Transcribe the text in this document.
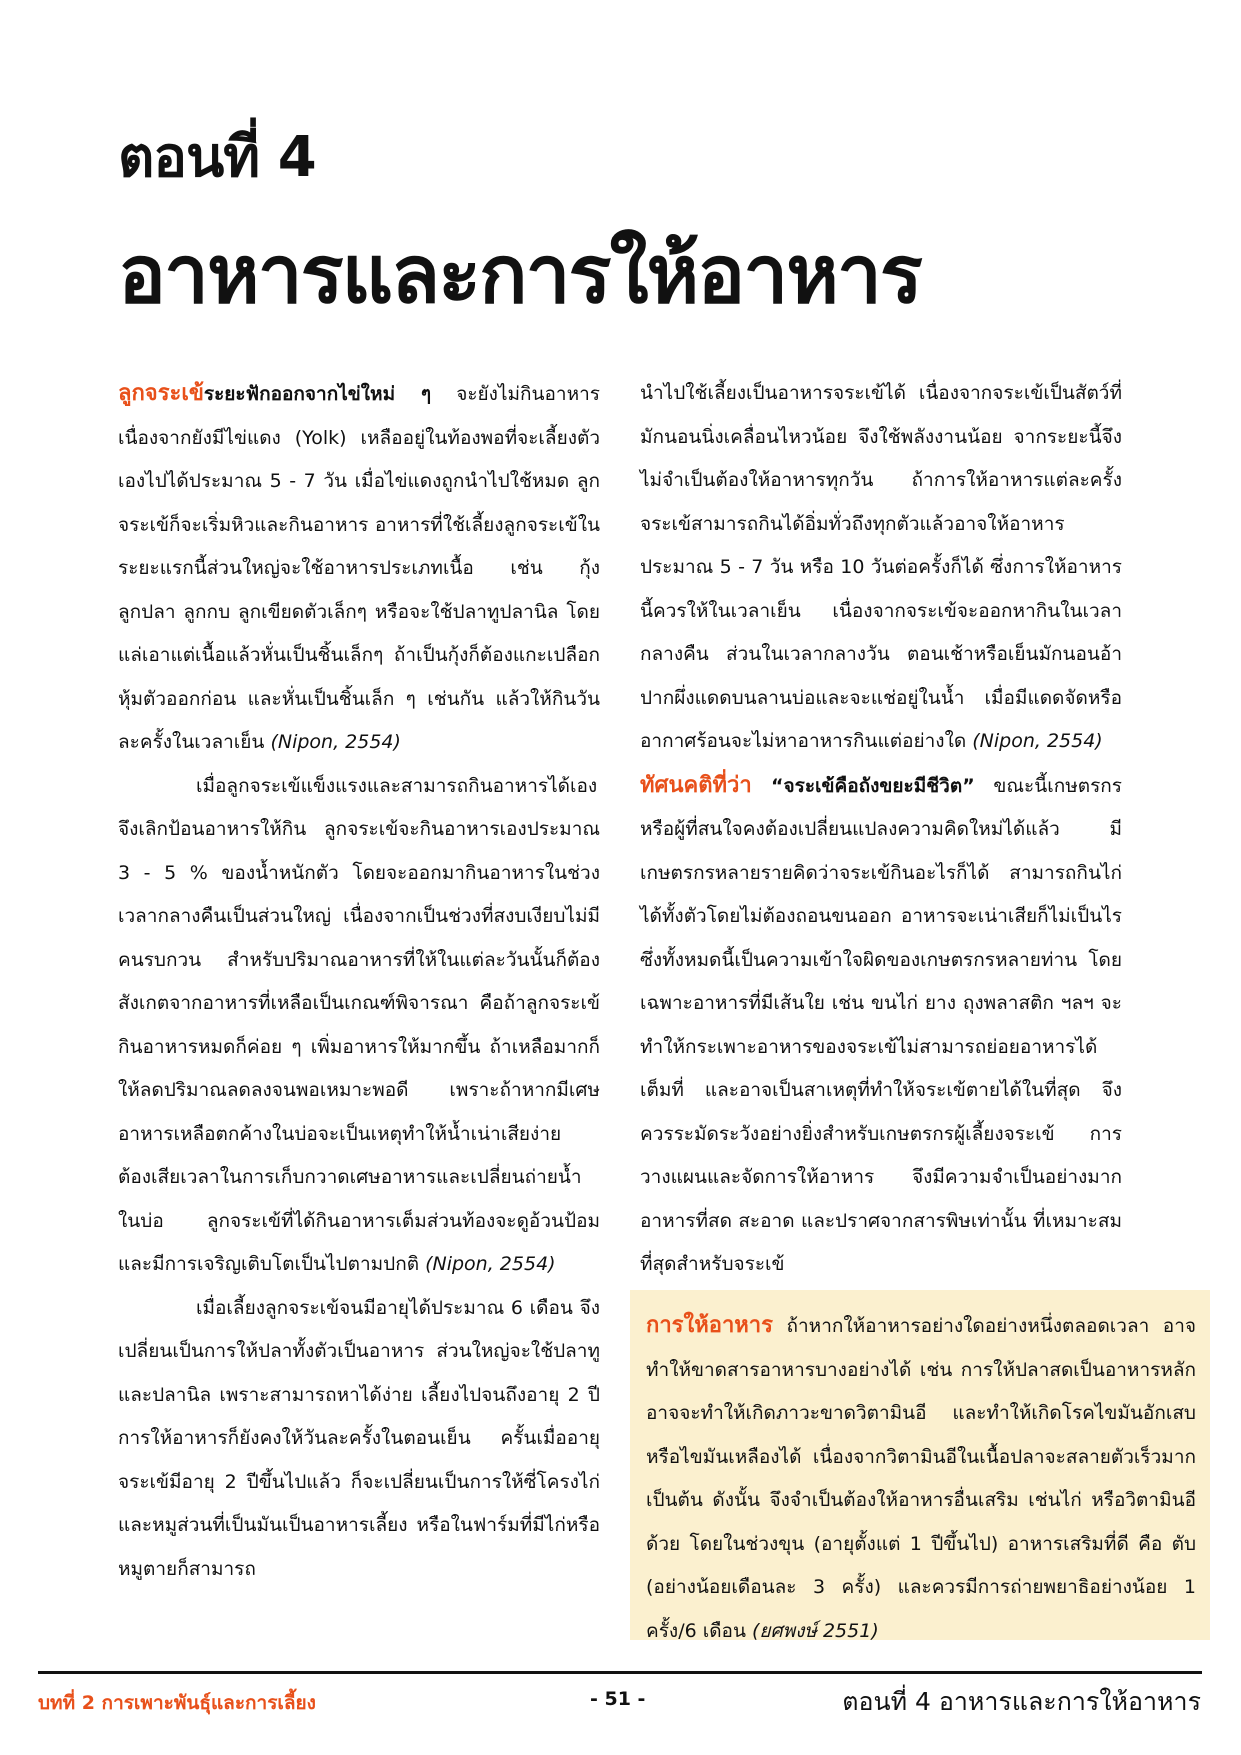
ตอนที่ 4
อาหารและการให้อาหาร

ลูกจระเข้ระยะฟักออกจากไข่ใหม่ ๆ จะยังไม่กินอาหาร เนื่องจากยังมีไข่แดง (Yolk) เหลืออยู่ในท้องพอที่จะเลี้ยงตัวเองไปได้ประมาณ 5 - 7 วัน เมื่อไข่แดงถูกนำไปใช้หมด ลูกจระเข้ก็จะเริ่มหิวและกินอาหาร อาหารที่ใช้เลี้ยงลูกจระเข้ในระยะแรกนี้ส่วนใหญ่จะใช้อาหารประเภทเนื้อ เช่น กุ้ง ลูกปลา ลูกกบ ลูกเขียดตัวเล็กๆ หรือจะใช้ปลาทูปลานิล โดยแล่เอาแต่เนื้อแล้วหั่นเป็นชิ้นเล็กๆ ถ้าเป็นกุ้งก็ต้องแกะเปลือกหุ้มตัวออกก่อน และหั่นเป็นชิ้นเล็ก ๆ เช่นกัน แล้วให้กินวันละครั้งในเวลาเย็น (Nipon, 2554)

เมื่อลูกจระเข้แข็งแรงและสามารถกินอาหารได้เอง จึงเลิกป้อนอาหารให้กิน ลูกจระเข้จะกินอาหารเองประมาณ 3 - 5 % ของน้ำหนักตัว โดยจะออกมากินอาหารในช่วงเวลากลางคืนเป็นส่วนใหญ่ เนื่องจากเป็นช่วงที่สงบเงียบไม่มีคนรบกวน สำหรับปริมาณอาหารที่ให้ในแต่ละวันนั้นก็ต้องสังเกตจากอาหารที่เหลือเป็นเกณฑ์พิจารณา คือถ้าลูกจระเข้กินอาหารหมดก็ค่อย ๆ เพิ่มอาหารให้มากขึ้น ถ้าเหลือมากก็ให้ลดปริมาณลดลงจนพอเหมาะพอดี เพราะถ้าหากมีเศษอาหารเหลือตกค้างในบ่อจะเป็นเหตุทำให้น้ำเน่าเสียง่าย ต้องเสียเวลาในการเก็บกวาดเศษอาหารและเปลี่ยนถ่ายน้ำในบ่อ ลูกจระเข้ที่ได้กินอาหารเต็มส่วนท้องจะดูอ้วนป้อม และมีการเจริญเติบโตเป็นไปตามปกติ (Nipon, 2554)

เมื่อเลี้ยงลูกจระเข้จนมีอายุได้ประมาณ 6 เดือน จึงเปลี่ยนเป็นการให้ปลาทั้งตัวเป็นอาหาร ส่วนใหญ่จะใช้ปลาทูและปลานิล เพราะสามารถหาได้ง่าย เลี้ยงไปจนถึงอายุ 2 ปี การให้อาหารก็ยังคงให้วันละครั้งในตอนเย็น ครั้นเมื่ออายุจระเข้มีอายุ 2 ปีขึ้นไปแล้ว ก็จะเปลี่ยนเป็นการให้ซี่โครงไก่และหมูส่วนที่เป็นมันเป็นอาหารเลี้ยง หรือในฟาร์มที่มีไก่หรือหมูตายก็สามารถ

นำไปใช้เลี้ยงเป็นอาหารจระเข้ได้ เนื่องจากจระเข้เป็นสัตว์ที่มักนอนนิ่งเคลื่อนไหวน้อย จึงใช้พลังงานน้อย จากระยะนี้จึงไม่จำเป็นต้องให้อาหารทุกวัน ถ้าการให้อาหารแต่ละครั้งจระเข้สามารถกินได้อิ่มทั่วถึงทุกตัวแล้วอาจให้อาหารประมาณ 5 - 7 วัน หรือ 10 วันต่อครั้งก็ได้ ซึ่งการให้อาหารนี้ควรให้ในเวลาเย็น เนื่องจากจระเข้จะออกหากินในเวลากลางคืน ส่วนในเวลากลางวัน ตอนเช้าหรือเย็นมักนอนอ้าปากผึ่งแดดบนลานบ่อและจะแช่อยู่ในน้ำ เมื่อมีแดดจัดหรืออากาศร้อนจะไม่หาอาหารกินแต่อย่างใด (Nipon, 2554)

ทัศนคติที่ว่า “จระเข้คือถังขยะมีชีวิต” ขณะนี้เกษตรกรหรือผู้ที่สนใจคงต้องเปลี่ยนแปลงความคิดใหม่ได้แล้ว มีเกษตรกรหลายรายคิดว่าจระเข้กินอะไรก็ได้ สามารถกินไก่ได้ทั้งตัวโดยไม่ต้องถอนขนออก อาหารจะเน่าเสียก็ไม่เป็นไร ซึ่งทั้งหมดนี้เป็นความเข้าใจผิดของเกษตรกรหลายท่าน โดยเฉพาะอาหารที่มีเส้นใย เช่น ขนไก่ ยาง ถุงพลาสติก ฯลฯ จะทำให้กระเพาะอาหารของจระเข้ไม่สามารถย่อยอาหารได้เต็มที่ และอาจเป็นสาเหตุที่ทำให้จระเข้ตายได้ในที่สุด จึงควรระมัดระวังอย่างยิ่งสำหรับเกษตรกรผู้เลี้ยงจระเข้ การวางแผนและจัดการให้อาหาร จึงมีความจำเป็นอย่างมาก อาหารที่สด สะอาด และปราศจากสารพิษเท่านั้น ที่เหมาะสมที่สุดสำหรับจระเข้

การให้อาหาร ถ้าหากให้อาหารอย่างใดอย่างหนึ่งตลอดเวลา อาจทำให้ขาดสารอาหารบางอย่างได้ เช่น การให้ปลาสดเป็นอาหารหลัก อาจจะทำให้เกิดภาวะขาดวิตามินอี และทำให้เกิดโรคไขมันอักเสบหรือไขมันเหลืองได้ เนื่องจากวิตามินอีในเนื้อปลาจะสลายตัวเร็วมาก เป็นต้น ดังนั้น จึงจำเป็นต้องให้อาหารอื่นเสริม เช่นไก่ หรือวิตามินอีด้วย โดยในช่วงขุน (อายุตั้งแต่ 1 ปีขึ้นไป) อาหารเสริมที่ดี คือ ตับ (อย่างน้อยเดือนละ 3 ครั้ง) และควรมีการถ่ายพยาธิอย่างน้อย 1 ครั้ง/6 เดือน (ยศพงษ์ 2551)

บทที่ 2 การเพาะพันธุ์และการเลี้ยง	- 51 -	ตอนที่ 4 อาหารและการให้อาหาร
